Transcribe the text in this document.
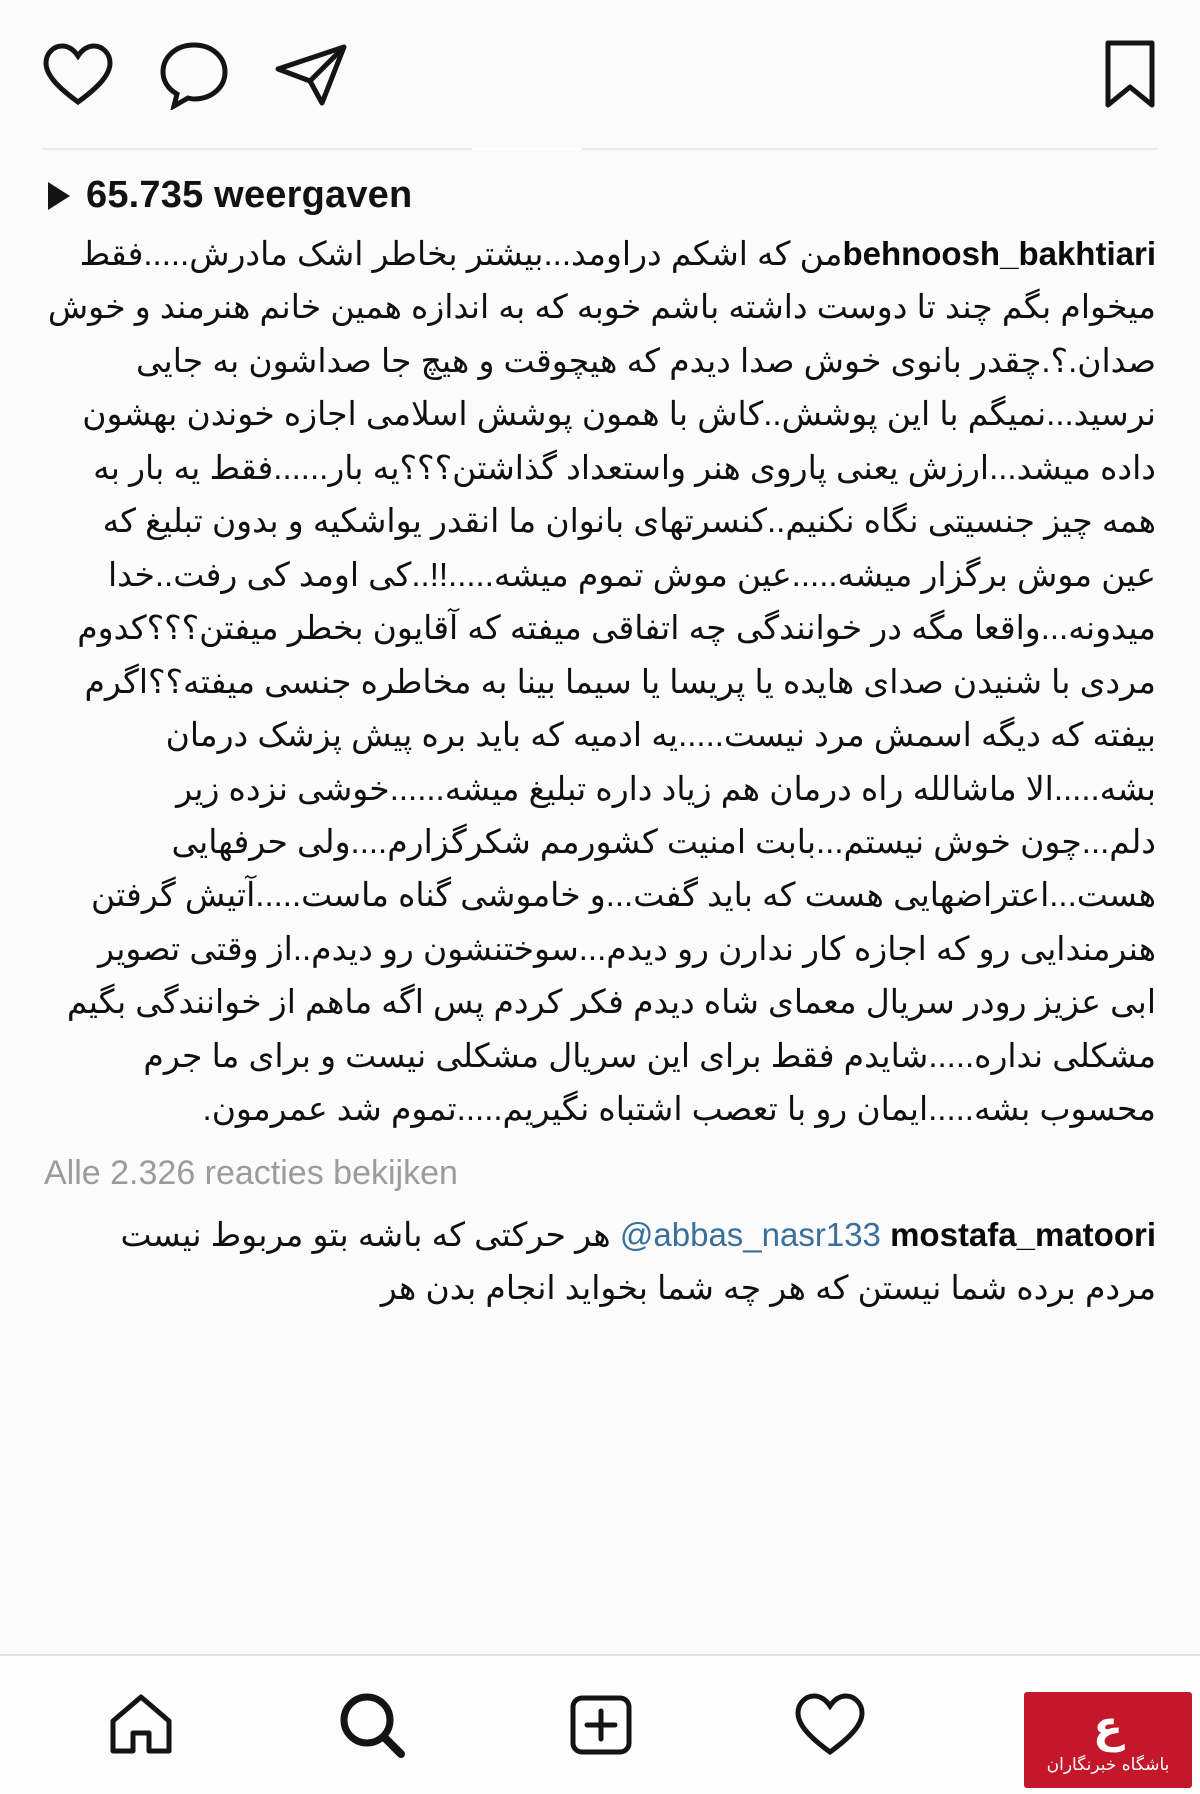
65.735 weergaven
behnoosh_bakhtiariمن که اشکم دراومد...بیشتر بخاطر اشک مادرش.....فقط میخوام بگم چند تا دوست داشته باشم خوبه که به اندازه همین خانم هنرمند و خوش صدان.؟.چقدر بانوی خوش صدا دیدم که هیچوقت و هیچ جا صداشون به جایی نرسید...نمیگم با این پوشش..کاش با همون پوشش اسلامی اجازه خوندن بهشون داده میشد...ارزش یعنی پاروی هنر واستعداد گذاشتن؟؟؟یه بار......فقط یه بار به همه چیز جنسیتی نگاه نکنیم..کنسرتهای بانوان ما انقدر یواشکیه و بدون تبلیغ که عین موش برگزار میشه.....عین موش تموم میشه.....!!..کی اومد کی رفت..خدا میدونه...واقعا مگه در خوانندگی چه اتفاقی میفته که آقایون بخطر میفتن؟؟؟کدوم مردی با شنیدن صدای هایده یا پریسا یا سیما بینا به مخاطره جنسی میفته؟؟اگرم بیفته که دیگه اسمش مرد نیست.....یه ادمیه که باید بره پیش پزشک درمان بشه.....الا ماشالله راه درمان هم زیاد داره تبلیغ میشه......خوشی نزده زیر دلم...چون خوش نیستم...بابت امنیت کشورمم شکرگزارم....ولی حرفهایی هست...اعتراضهایی هست که باید گفت...و خاموشی گناه ماست.....آتیش گرفتن هنرمندایی رو که اجازه کار ندارن رو دیدم...سوختنشون رو دیدم..از وقتی تصویر ابی عزیز رودر سریال معمای شاه دیدم فکر کردم پس اگه ماهم از خوانندگی بگیم مشکلی نداره.....شایدم فقط برای این سریال مشکلی نیست و برای ما جرم محسوب بشه.....ایمان رو با تعصب اشتباه نگیریم.....تموم شد عمرمون.
Alle 2.326 reacties bekijken
mostafa_matoori @abbas_nasr133 هر حرکتی که باشه بتو مربوط نیست مردم برده شما نیستن که هر چه شما بخواید انجام بدن هر
ع
باشگاه خبرنگاران
